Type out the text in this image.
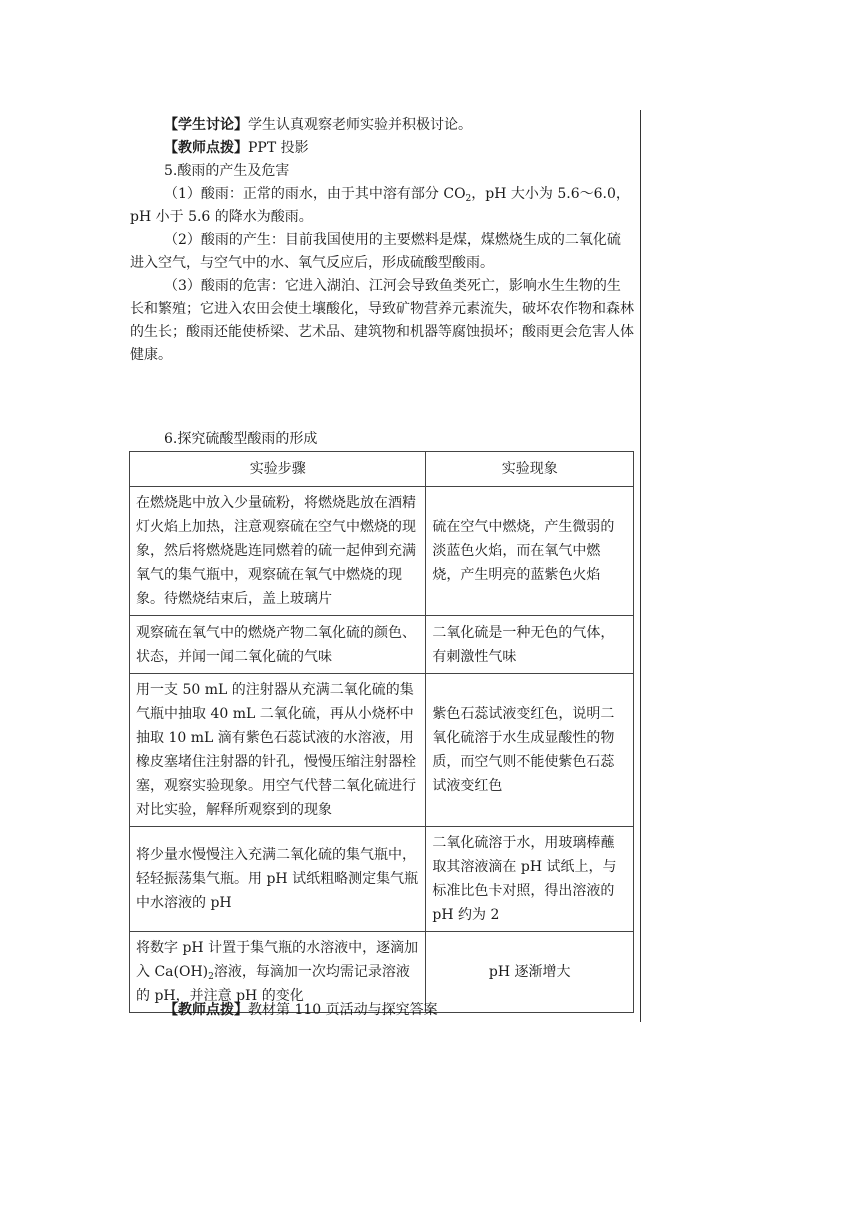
【学生讨论】学生认真观察老师实验并积极讨论。

【教师点拨】PPT 投影

5.酸雨的产生及危害

（1）酸雨：正常的雨水，由于其中溶有部分 $CO_2$，pH 大小为 5.6～6.0，pH 小于 5.6 的降水为酸雨。

（2）酸雨的产生：目前我国使用的主要燃料是煤，煤燃烧生成的二氧化硫进入空气，与空气中的水、氧气反应后，形成硫酸型酸雨。

（3）酸雨的危害：它进入湖泊、江河会导致鱼类死亡，影响水生生物的生长和繁殖；它进入农田会使土壤酸化，导致矿物营养元素流失，破坏农作物和森林的生长；酸雨还能使桥梁、艺术品、建筑物和机器等腐蚀损坏；酸雨更会危害人体健康。

6.探究硫酸型酸雨的形成

实验步骤	实验现象
在燃烧匙中放入少量硫粉，将燃烧匙放在酒精灯火焰上加热，注意观察硫在空气中燃烧的现象，然后将燃烧匙连同燃着的硫一起伸到充满氧气的集气瓶中，观察硫在氧气中燃烧的现象。待燃烧结束后，盖上玻璃片	硫在空气中燃烧，产生微弱的淡蓝色火焰，而在氧气中燃烧，产生明亮的蓝紫色火焰
观察硫在氧气中的燃烧产物二氧化硫的颜色、状态，并闻一闻二氧化硫的气味	二氧化硫是一种无色的气体，有刺激性气味
用一支 50 mL 的注射器从充满二氧化硫的集气瓶中抽取 40 mL 二氧化硫，再从小烧杯中抽取 10 mL 滴有紫色石蕊试液的水溶液，用橡皮塞堵住注射器的针孔，慢慢压缩注射器栓塞，观察实验现象。用空气代替二氧化硫进行对比实验，解释所观察到的现象	紫色石蕊试液变红色，说明二氧化硫溶于水生成显酸性的物质，而空气则不能使紫色石蕊试液变红色
将少量水慢慢注入充满二氧化硫的集气瓶中，轻轻振荡集气瓶。用 pH 试纸粗略测定集气瓶中水溶液的 pH	二氧化硫溶于水，用玻璃棒蘸取其溶液滴在 pH 试纸上，与标准比色卡对照，得出溶液的 pH 约为 2
将数字 pH 计置于集气瓶的水溶液中，逐滴加入 $Ca(OH)_2$溶液，每滴加一次均需记录溶液的 pH，并注意 pH 的变化	pH 逐渐增大

【教师点拨】教材第 110 页活动与探究答案
